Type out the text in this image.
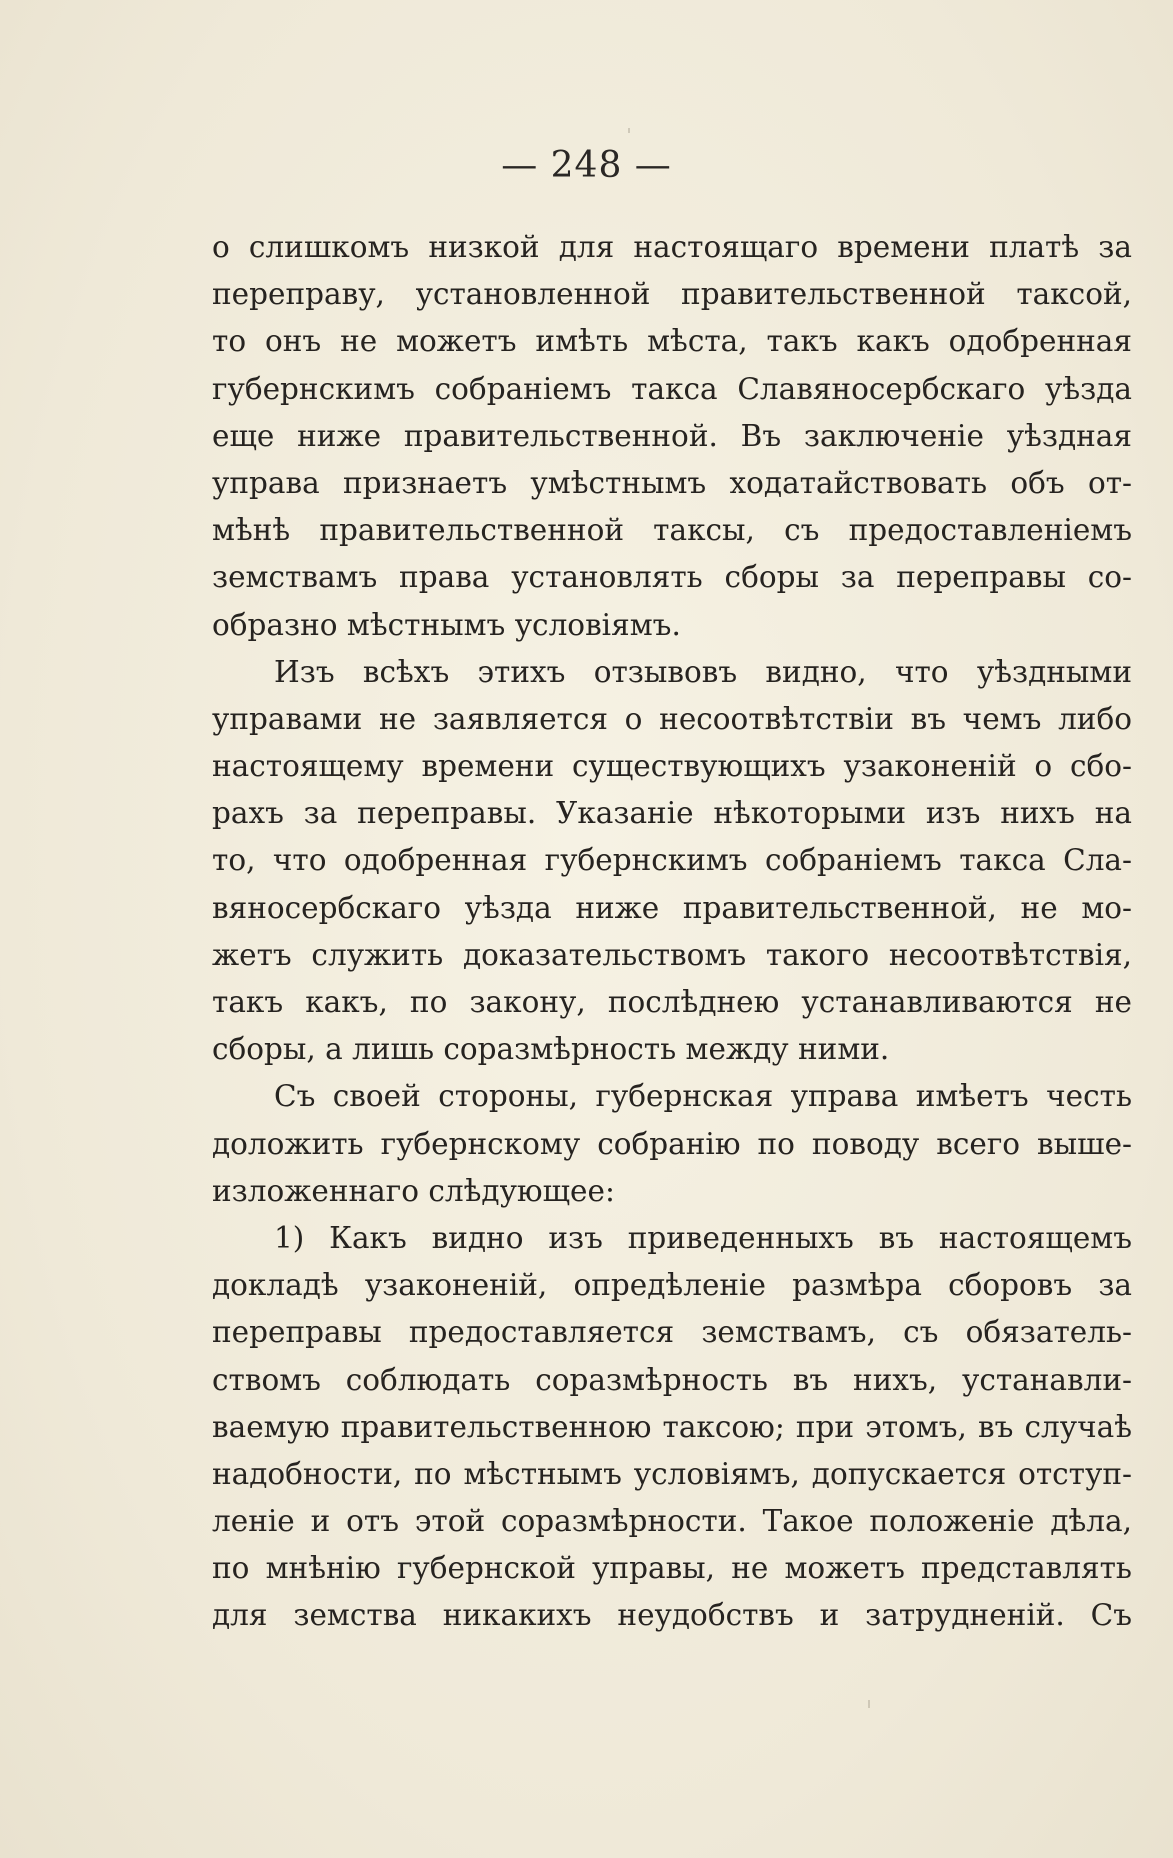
— 248 —
о слишкомъ низкой для настоящаго времени платѣ за
переправу, установленной правительственной таксой,
то онъ не можетъ имѣть мѣста, такъ какъ одобренная
губернскимъ собраніемъ такса Славяносербскаго уѣзда
еще ниже правительственной. Въ заключеніе уѣздная
управа признаетъ умѣстнымъ ходатайствовать объ от-
мѣнѣ правительственной таксы, съ предоставленіемъ
земствамъ права установлять сборы за переправы со-
образно мѣстнымъ условіямъ.
Изъ всѣхъ этихъ отзывовъ видно, что уѣздными
управами не заявляется о несоотвѣтствіи въ чемъ либо
настоящему времени существующихъ узаконеній о сбо-
рахъ за переправы. Указаніе нѣкоторыми изъ нихъ на
то, что одобренная губернскимъ собраніемъ такса Сла-
вяносербскаго уѣзда ниже правительственной, не мо-
жетъ служить доказательствомъ такого несоотвѣтствія,
такъ какъ, по закону, послѣднею устанавливаются не
сборы, а лишь соразмѣрность между ними.
Съ своей стороны, губернская управа имѣетъ честь
доложить губернскому собранію по поводу всего выше-
изложеннаго слѣдующее:
1) Какъ видно изъ приведенныхъ въ настоящемъ
докладѣ узаконеній, опредѣленіе размѣра сборовъ за
переправы предоставляется земствамъ, съ обязатель-
ствомъ соблюдать соразмѣрность въ нихъ, устанавли-
ваемую правительственною таксою; при этомъ, въ случаѣ
надобности, по мѣстнымъ условіямъ, допускается отступ-
леніе и отъ этой соразмѣрности. Такое положеніе дѣла,
по мнѣнію губернской управы, не можетъ представлять
для земства никакихъ неудобствъ и затрудненій. Съ
